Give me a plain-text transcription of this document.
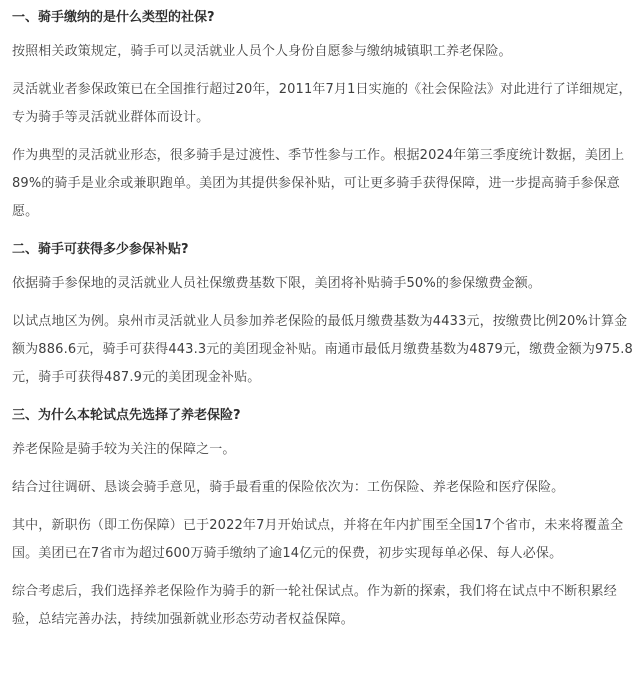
一、骑手缴纳的是什么类型的社保?
按照相关政策规定，骑手可以灵活就业人员个人身份自愿参与缴纳城镇职工养老保险。
灵活就业者参保政策已在全国推行超过20年，2011年7月1日实施的《社会保险法》对此进行了详细规定，
专为骑手等灵活就业群体而设计。
作为典型的灵活就业形态，很多骑手是过渡性、季节性参与工作。根据2024年第三季度统计数据，美团上
89%的骑手是业余或兼职跑单。美团为其提供参保补贴，可让更多骑手获得保障，进一步提高骑手参保意
愿。
二、骑手可获得多少参保补贴?
依据骑手参保地的灵活就业人员社保缴费基数下限，美团将补贴骑手50%的参保缴费金额。
以试点地区为例。泉州市灵活就业人员参加养老保险的最低月缴费基数为4433元，按缴费比例20%计算金
额为886.6元，骑手可获得443.3元的美团现金补贴。南通市最低月缴费基数为4879元，缴费金额为975.8
元，骑手可获得487.9元的美团现金补贴。
三、为什么本轮试点先选择了养老保险?
养老保险是骑手较为关注的保障之一。
结合过往调研、恳谈会骑手意见，骑手最看重的保险依次为：工伤保险、养老保险和医疗保险。
其中，新职伤（即工伤保障）已于2022年7月开始试点，并将在年内扩围至全国17个省市，未来将覆盖全
国。美团已在7省市为超过600万骑手缴纳了逾14亿元的保费，初步实现每单必保、每人必保。
综合考虑后，我们选择养老保险作为骑手的新一轮社保试点。作为新的探索，我们将在试点中不断积累经
验，总结完善办法，持续加强新就业形态劳动者权益保障。
